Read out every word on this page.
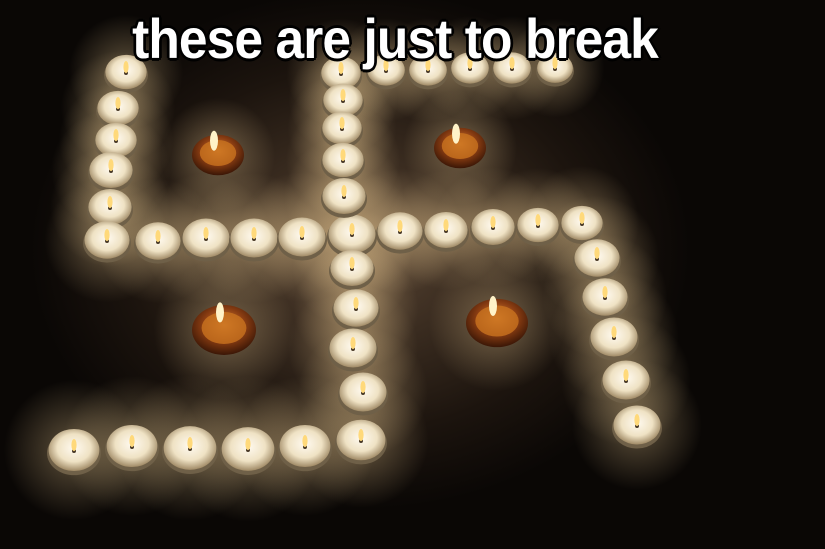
these are just to break
